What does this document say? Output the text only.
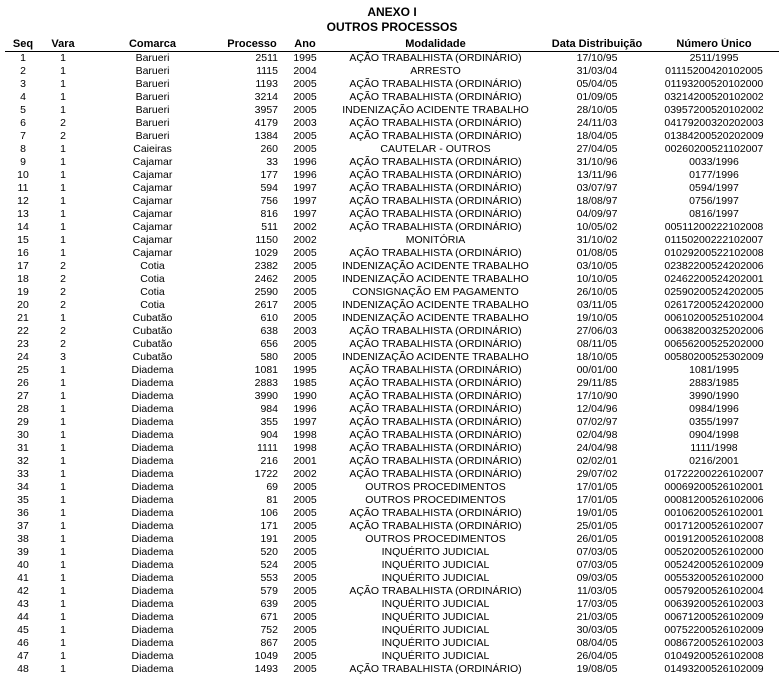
ANEXO I
OUTROS PROCESSOS
Seq	Vara	Comarca	Processo	Ano	Modalidade	Data Distribuição	Número Único
1	1	Barueri	2511	1995	AÇÃO TRABALHISTA (ORDINÁRIO)	17/10/95	2511/1995
2	1	Barueri	1115	2004	ARRESTO	31/03/04	01115200420102005
3	1	Barueri	1193	2005	AÇÃO TRABALHISTA (ORDINÁRIO)	05/04/05	01193200520102000
4	1	Barueri	3214	2005	AÇÃO TRABALHISTA (ORDINÁRIO)	01/09/05	03214200520102002
5	1	Barueri	3957	2005	INDENIZAÇÃO ACIDENTE TRABALHO	28/10/05	03957200520102002
6	2	Barueri	4179	2003	AÇÃO TRABALHISTA (ORDINÁRIO)	24/11/03	04179200320202003
7	2	Barueri	1384	2005	AÇÃO TRABALHISTA (ORDINÁRIO)	18/04/05	01384200520202009
8	1	Caieiras	260	2005	CAUTELAR - OUTROS	27/04/05	00260200521102007
9	1	Cajamar	33	1996	AÇÃO TRABALHISTA (ORDINÁRIO)	31/10/96	0033/1996
10	1	Cajamar	177	1996	AÇÃO TRABALHISTA (ORDINÁRIO)	13/11/96	0177/1996
11	1	Cajamar	594	1997	AÇÃO TRABALHISTA (ORDINÁRIO)	03/07/97	0594/1997
12	1	Cajamar	756	1997	AÇÃO TRABALHISTA (ORDINÁRIO)	18/08/97	0756/1997
13	1	Cajamar	816	1997	AÇÃO TRABALHISTA (ORDINÁRIO)	04/09/97	0816/1997
14	1	Cajamar	511	2002	AÇÃO TRABALHISTA (ORDINÁRIO)	10/05/02	00511200222102008
15	1	Cajamar	1150	2002	MONITÓRIA	31/10/02	01150200222102007
16	1	Cajamar	1029	2005	AÇÃO TRABALHISTA (ORDINÁRIO)	01/08/05	01029200522102008
17	2	Cotia	2382	2005	INDENIZAÇÃO ACIDENTE TRABALHO	03/10/05	02382200524202006
18	2	Cotia	2462	2005	INDENIZAÇÃO ACIDENTE TRABALHO	10/10/05	02462200524202001
19	2	Cotia	2590	2005	CONSIGNAÇÃO EM PAGAMENTO	26/10/05	02590200524202005
20	2	Cotia	2617	2005	INDENIZAÇÃO ACIDENTE TRABALHO	03/11/05	02617200524202000
21	1	Cubatão	610	2005	INDENIZAÇÃO ACIDENTE TRABALHO	19/10/05	00610200525102004
22	2	Cubatão	638	2003	AÇÃO TRABALHISTA (ORDINÁRIO)	27/06/03	00638200325202006
23	2	Cubatão	656	2005	AÇÃO TRABALHISTA (ORDINÁRIO)	08/11/05	00656200525202000
24	3	Cubatão	580	2005	INDENIZAÇÃO ACIDENTE TRABALHO	18/10/05	00580200525302009
25	1	Diadema	1081	1995	AÇÃO TRABALHISTA (ORDINÁRIO)	00/01/00	1081/1995
26	1	Diadema	2883	1985	AÇÃO TRABALHISTA (ORDINÁRIO)	29/11/85	2883/1985
27	1	Diadema	3990	1990	AÇÃO TRABALHISTA (ORDINÁRIO)	17/10/90	3990/1990
28	1	Diadema	984	1996	AÇÃO TRABALHISTA (ORDINÁRIO)	12/04/96	0984/1996
29	1	Diadema	355	1997	AÇÃO TRABALHISTA (ORDINÁRIO)	07/02/97	0355/1997
30	1	Diadema	904	1998	AÇÃO TRABALHISTA (ORDINÁRIO)	02/04/98	0904/1998
31	1	Diadema	1111	1998	AÇÃO TRABALHISTA (ORDINÁRIO)	24/04/98	1111/1998
32	1	Diadema	216	2001	AÇÃO TRABALHISTA (ORDINÁRIO)	02/02/01	0216/2001
33	1	Diadema	1722	2002	AÇÃO TRABALHISTA (ORDINÁRIO)	29/07/02	01722200226102007
34	1	Diadema	69	2005	OUTROS PROCEDIMENTOS	17/01/05	00069200526102001
35	1	Diadema	81	2005	OUTROS PROCEDIMENTOS	17/01/05	00081200526102006
36	1	Diadema	106	2005	AÇÃO TRABALHISTA (ORDINÁRIO)	19/01/05	00106200526102001
37	1	Diadema	171	2005	AÇÃO TRABALHISTA (ORDINÁRIO)	25/01/05	00171200526102007
38	1	Diadema	191	2005	OUTROS PROCEDIMENTOS	26/01/05	00191200526102008
39	1	Diadema	520	2005	INQUÉRITO JUDICIAL	07/03/05	00520200526102000
40	1	Diadema	524	2005	INQUÉRITO JUDICIAL	07/03/05	00524200526102009
41	1	Diadema	553	2005	INQUÉRITO JUDICIAL	09/03/05	00553200526102000
42	1	Diadema	579	2005	AÇÃO TRABALHISTA (ORDINÁRIO)	11/03/05	00579200526102004
43	1	Diadema	639	2005	INQUÉRITO JUDICIAL	17/03/05	00639200526102003
44	1	Diadema	671	2005	INQUÉRITO JUDICIAL	21/03/05	00671200526102009
45	1	Diadema	752	2005	INQUÉRITO JUDICIAL	30/03/05	00752200526102009
46	1	Diadema	867	2005	INQUÉRITO JUDICIAL	08/04/05	00867200526102003
47	1	Diadema	1049	2005	INQUÉRITO JUDICIAL	26/04/05	01049200526102008
48	1	Diadema	1493	2005	AÇÃO TRABALHISTA (ORDINÁRIO)	19/08/05	01493200526102009
